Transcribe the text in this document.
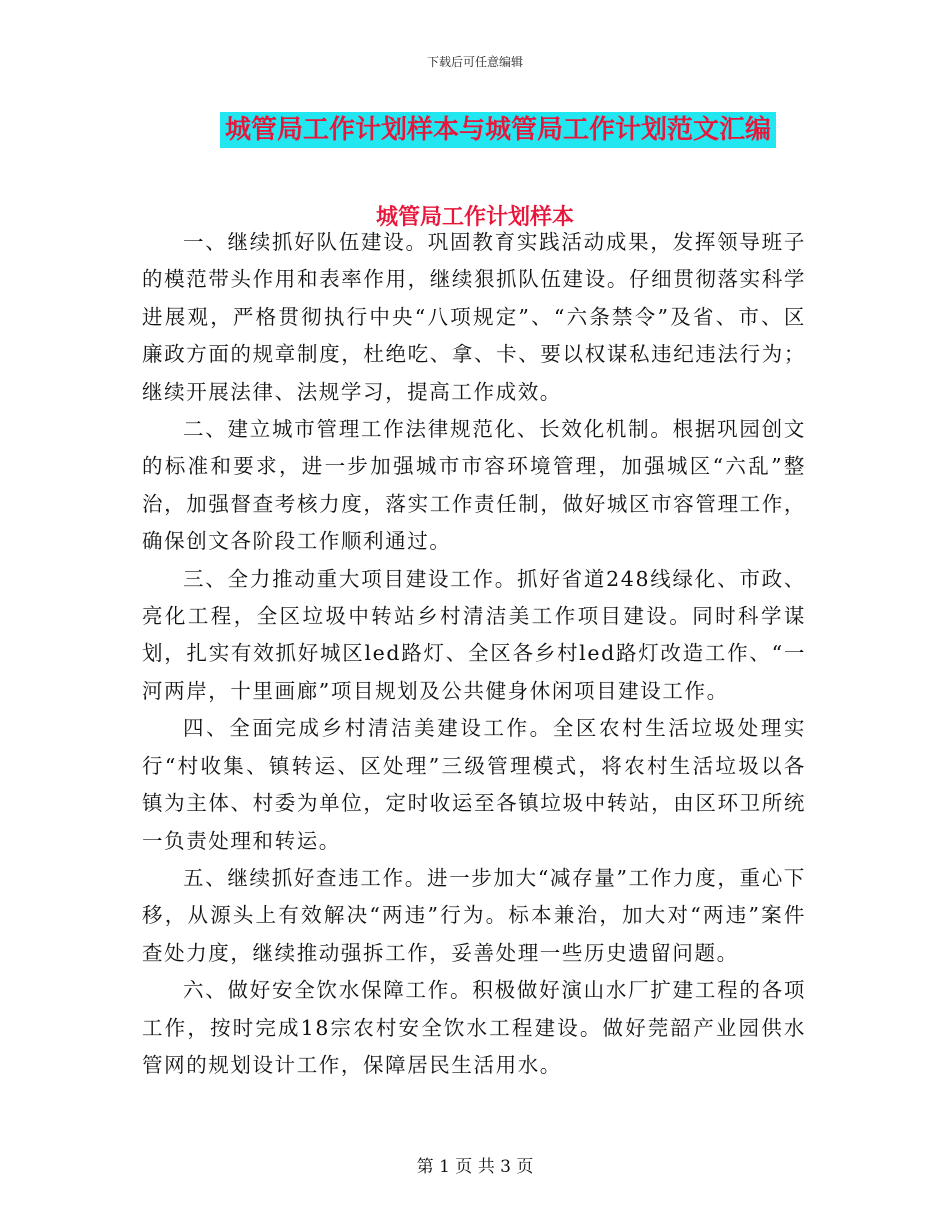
下载后可任意编辑
城管局工作计划样本与城管局工作计划范文汇编
城管局工作计划样本

一、继续抓好队伍建设。巩固教育实践活动成果，发挥领导班子的模范带头作用和表率作用，继续狠抓队伍建设。仔细贯彻落实科学进展观，严格贯彻执行中央“八项规定”、“六条禁令”及省、市、区廉政方面的规章制度，杜绝吃、拿、卡、要以权谋私违纪违法行为；继续开展法律、法规学习，提高工作成效。

二、建立城市管理工作法律规范化、长效化机制。根据巩园创文的标准和要求，进一步加强城市市容环境管理，加强城区“六乱”整治，加强督查考核力度，落实工作责任制，做好城区市容管理工作，确保创文各阶段工作顺利通过。

三、全力推动重大项目建设工作。抓好省道248线绿化、市政、亮化工程，全区垃圾中转站乡村清洁美工作项目建设。同时科学谋划，扎实有效抓好城区led路灯、全区各乡村led路灯改造工作、“一河两岸，十里画廊”项目规划及公共健身休闲项目建设工作。

四、全面完成乡村清洁美建设工作。全区农村生活垃圾处理实行“村收集、镇转运、区处理”三级管理模式，将农村生活垃圾以各镇为主体、村委为单位，定时收运至各镇垃圾中转站，由区环卫所统一负责处理和转运。

五、继续抓好查违工作。进一步加大“减存量”工作力度，重心下移，从源头上有效解决“两违”行为。标本兼治，加大对“两违”案件查处力度，继续推动强拆工作，妥善处理一些历史遗留问题。

六、做好安全饮水保障工作。积极做好演山水厂扩建工程的各项工作，按时完成18宗农村安全饮水工程建设。做好莞韶产业园供水管网的规划设计工作，保障居民生活用水。

第 1 页 共 3 页
